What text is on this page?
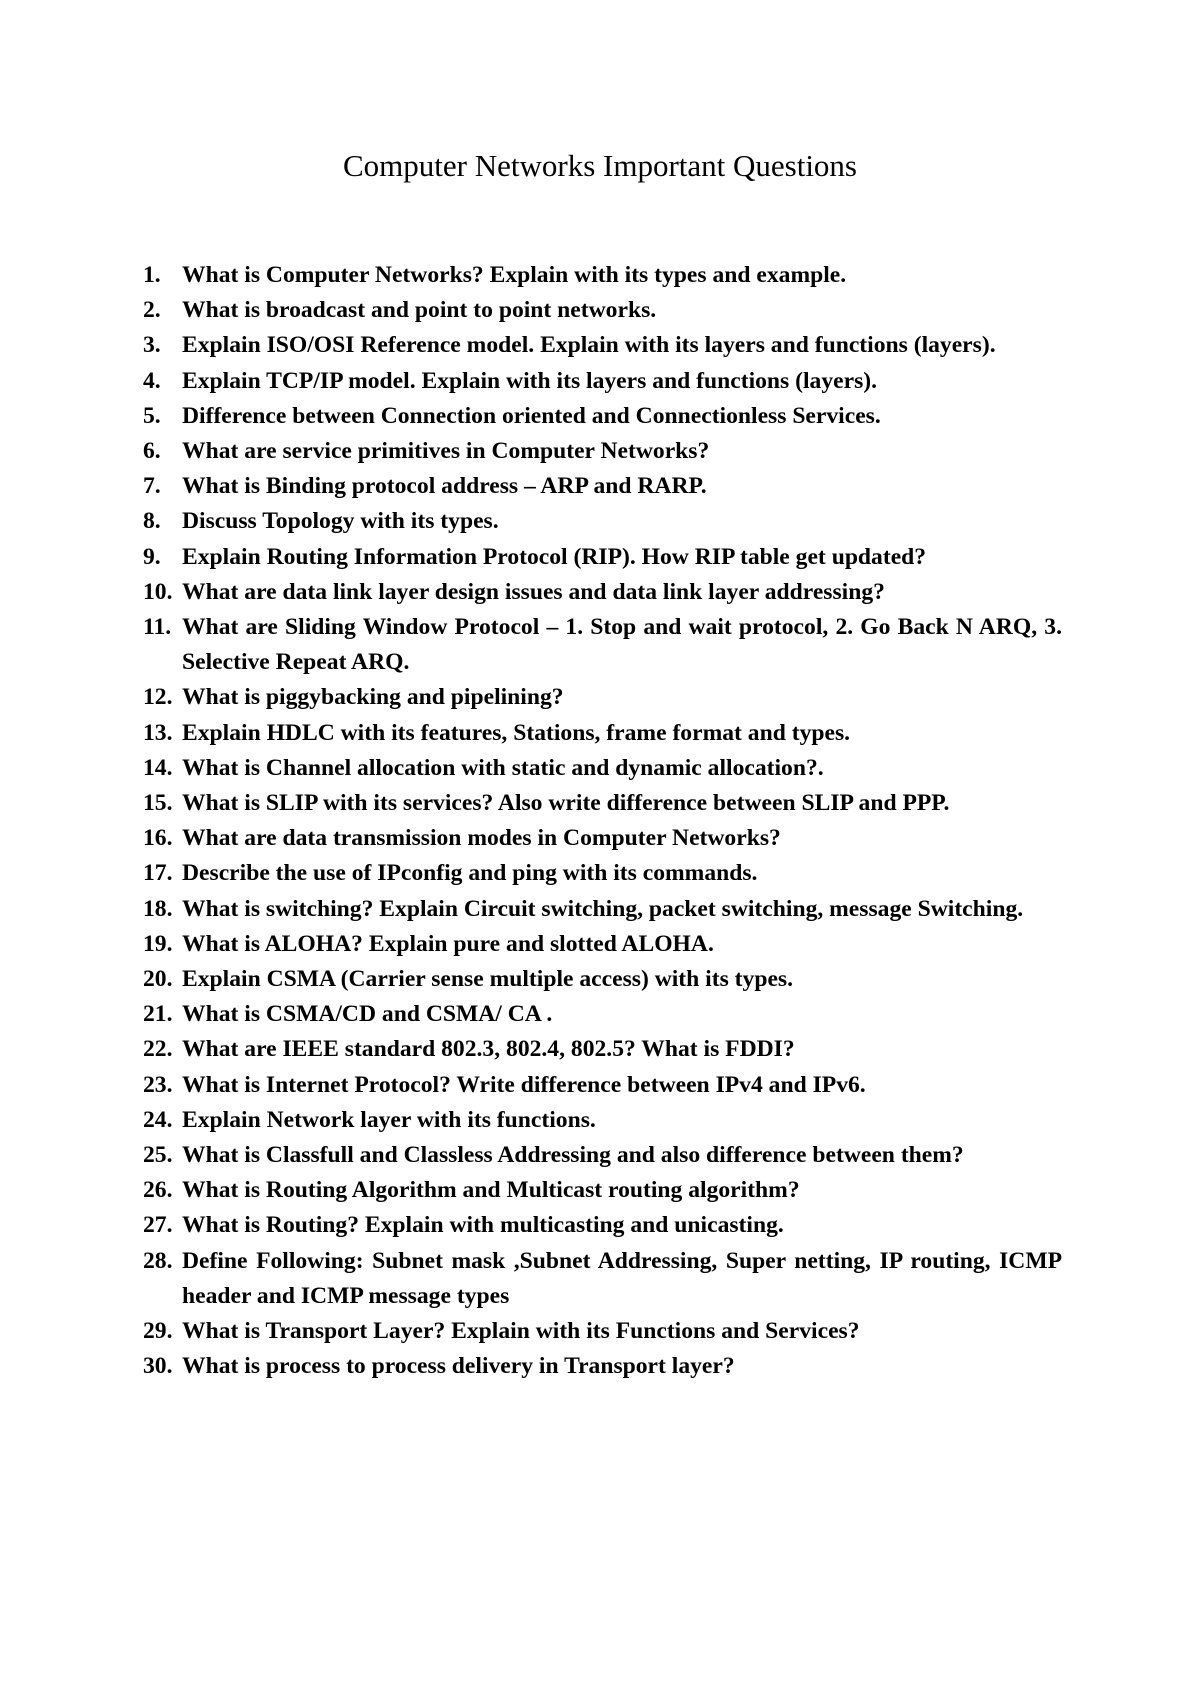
Computer Networks Important Questions
1. What is Computer Networks? Explain with its types and example.
2. What is broadcast and point to point networks.
3. Explain ISO/OSI Reference model. Explain with its layers and functions (layers).
4. Explain TCP/IP model. Explain with its layers and functions (layers).
5. Difference between Connection oriented and Connectionless Services.
6. What are service primitives in Computer Networks?
7. What is Binding protocol address – ARP and RARP.
8. Discuss Topology with its types.
9. Explain Routing Information Protocol (RIP). How RIP table get updated?
10. What are data link layer design issues and data link layer addressing?
11. What are Sliding Window Protocol – 1. Stop and wait protocol, 2. Go Back N ARQ, 3. Selective Repeat ARQ.
12. What is piggybacking and pipelining?
13. Explain HDLC with its features, Stations, frame format and types.
14. What is Channel allocation with static and dynamic allocation?.
15. What is SLIP with its services? Also write difference between SLIP and PPP.
16. What are data transmission modes in Computer Networks?
17. Describe the use of IPconfig and ping with its commands.
18. What is switching? Explain Circuit switching, packet switching, message Switching.
19. What is ALOHA? Explain pure and slotted ALOHA.
20. Explain CSMA (Carrier sense multiple access) with its types.
21. What is CSMA/CD and CSMA/ CA .
22. What are IEEE standard 802.3, 802.4, 802.5? What is FDDI?
23. What is Internet Protocol? Write difference between IPv4 and IPv6.
24. Explain Network layer with its functions.
25. What is Classfull and Classless Addressing and also difference between them?
26. What is Routing Algorithm and Multicast routing algorithm?
27. What is Routing? Explain with multicasting and unicasting.
28. Define Following: Subnet mask ,Subnet Addressing, Super netting, IP routing, ICMP header and ICMP message types
29. What is Transport Layer? Explain with its Functions and Services?
30. What is process to process delivery in Transport layer?
